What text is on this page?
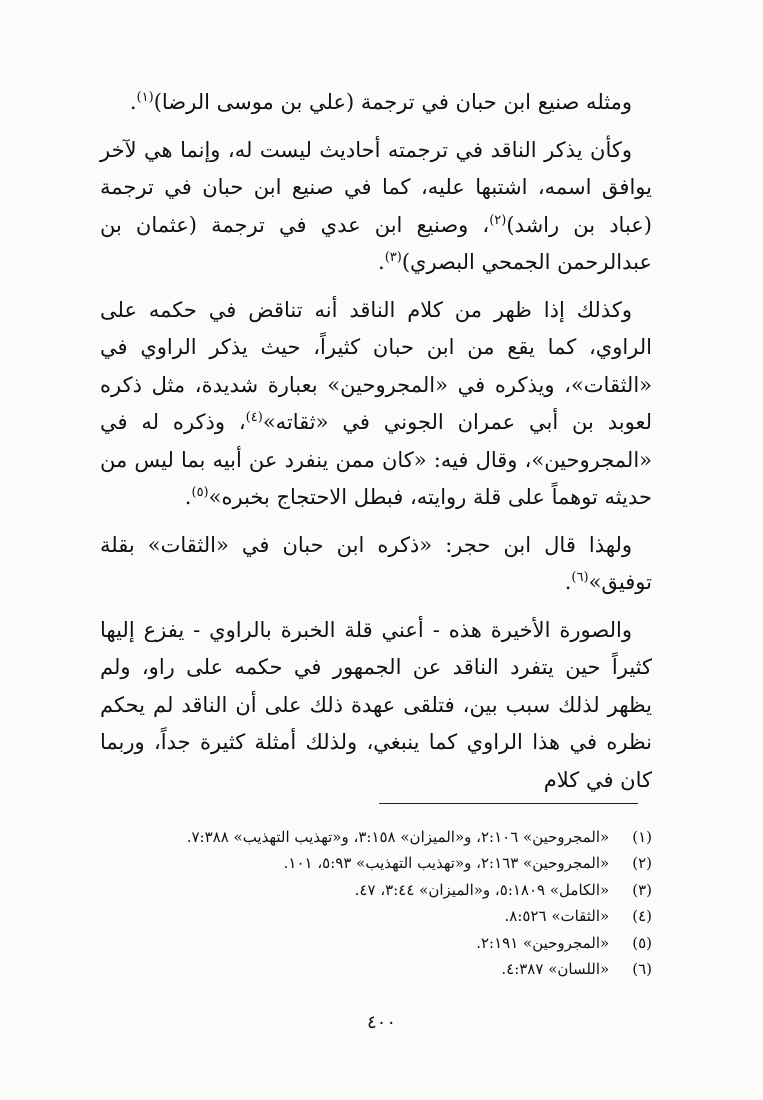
ومثله صنيع ابن حبان في ترجمة (علي بن موسى الرضا)$^{(١)}$.

وكأن يذكر الناقد في ترجمته أحاديث ليست له، وإنما هي لآخر يوافق اسمه، اشتبها عليه، كما في صنيع ابن حبان في ترجمة (عباد بن راشد)$^{(٢)}$، وصنيع ابن عدي في ترجمة (عثمان بن عبدالرحمن الجمحي البصري)$^{(٣)}$.

وكذلك إذا ظهر من كلام الناقد أنه تناقض في حكمه على الراوي، كما يقع من ابن حبان كثيراً، حيث يذكر الراوي في «الثقات»، ويذكره في «المجروحين» بعبارة شديدة، مثل ذكره لعوبد بن أبي عمران الجوني في «ثقاته»$^{(٤)}$، وذكره له في «المجروحين»، وقال فيه: «كان ممن ينفرد عن أبيه بما ليس من حديثه توهماً على قلة روايته، فبطل الاحتجاج بخبره»$^{(٥)}$.

ولهذا قال ابن حجر: «ذكره ابن حبان في «الثقات» بقلة توفيق»$^{(٦)}$.

والصورة الأخيرة هذه - أعني قلة الخبرة بالراوي - يفزع إليها كثيراً حين يتفرد الناقد عن الجمهور في حكمه على راو، ولم يظهر لذلك سبب بين، فتلقى عهدة ذلك على أن الناقد لم يحكم نظره في هذا الراوي كما ينبغي، ولذلك أمثلة كثيرة جداً، وربما كان في كلام

(١) «المجروحين» ٢:١٠٦، و«الميزان» ٣:١٥٨، و«تهذيب التهذيب» ٧:٣٨٨.
(٢) «المجروحين» ٢:١٦٣، و«تهذيب التهذيب» ٥:٩٣، ١٠١.
(٣) «الكامل» ٥:١٨٠٩، و«الميزان» ٣:٤٤، ٤٧.
(٤) «الثقات» ٨:٥٢٦.
(٥) «المجروحين» ٢:١٩١.
(٦) «اللسان» ٤:٣٨٧.
٤٠٠
